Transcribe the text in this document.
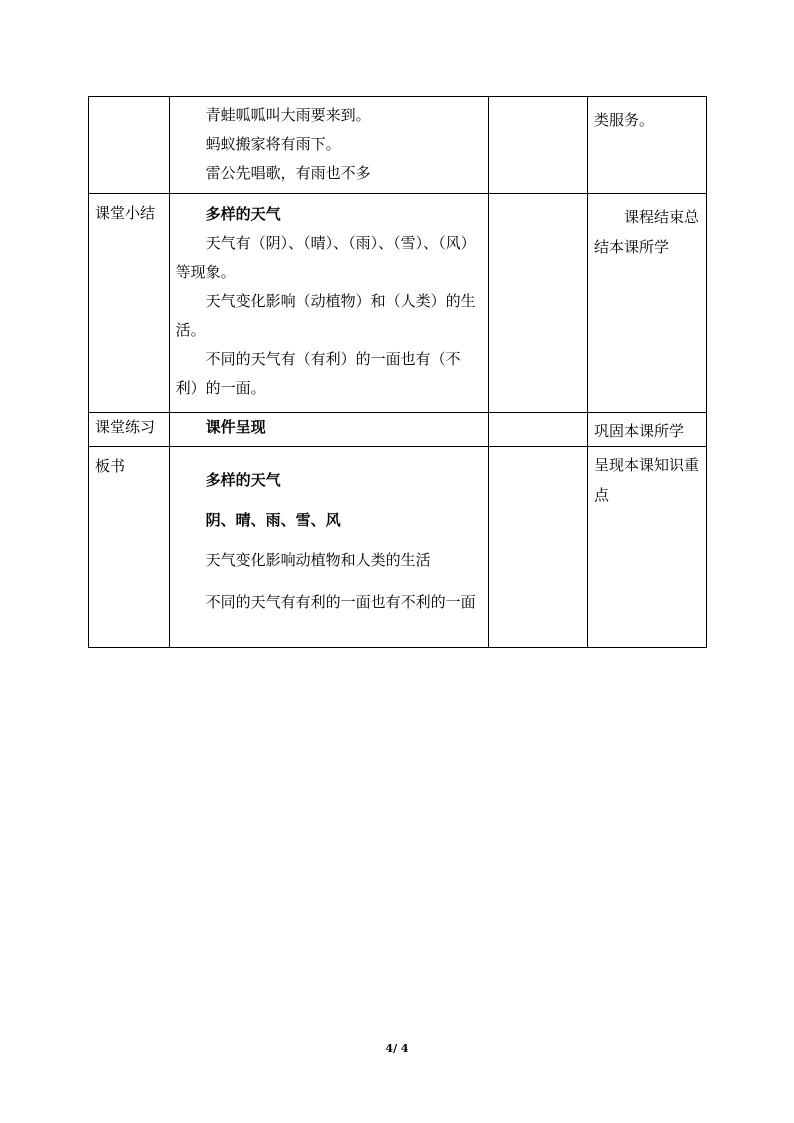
	青蛙呱呱叫大雨要来到。

蚂蚁搬家将有雨下。

雷公先唱歌，有雨也不多		类服务。

课堂小结	多样的天气

天气有（阴）、（晴）、（雨）、（雪）、（风）等现象。

天气变化影响（动植物）和（人类）的生活。

不同的天气有（有利）的一面也有（不利）的一面。		课程结束总结本课所学

课堂练习	课件呈现		巩固本课所学

板书	多样的天气

阴、晴、雨、雪、风

天气变化影响动植物和人类的生活

不同的天气有有利的一面也有不利的一面		呈现本课知识重点

4/ 4
